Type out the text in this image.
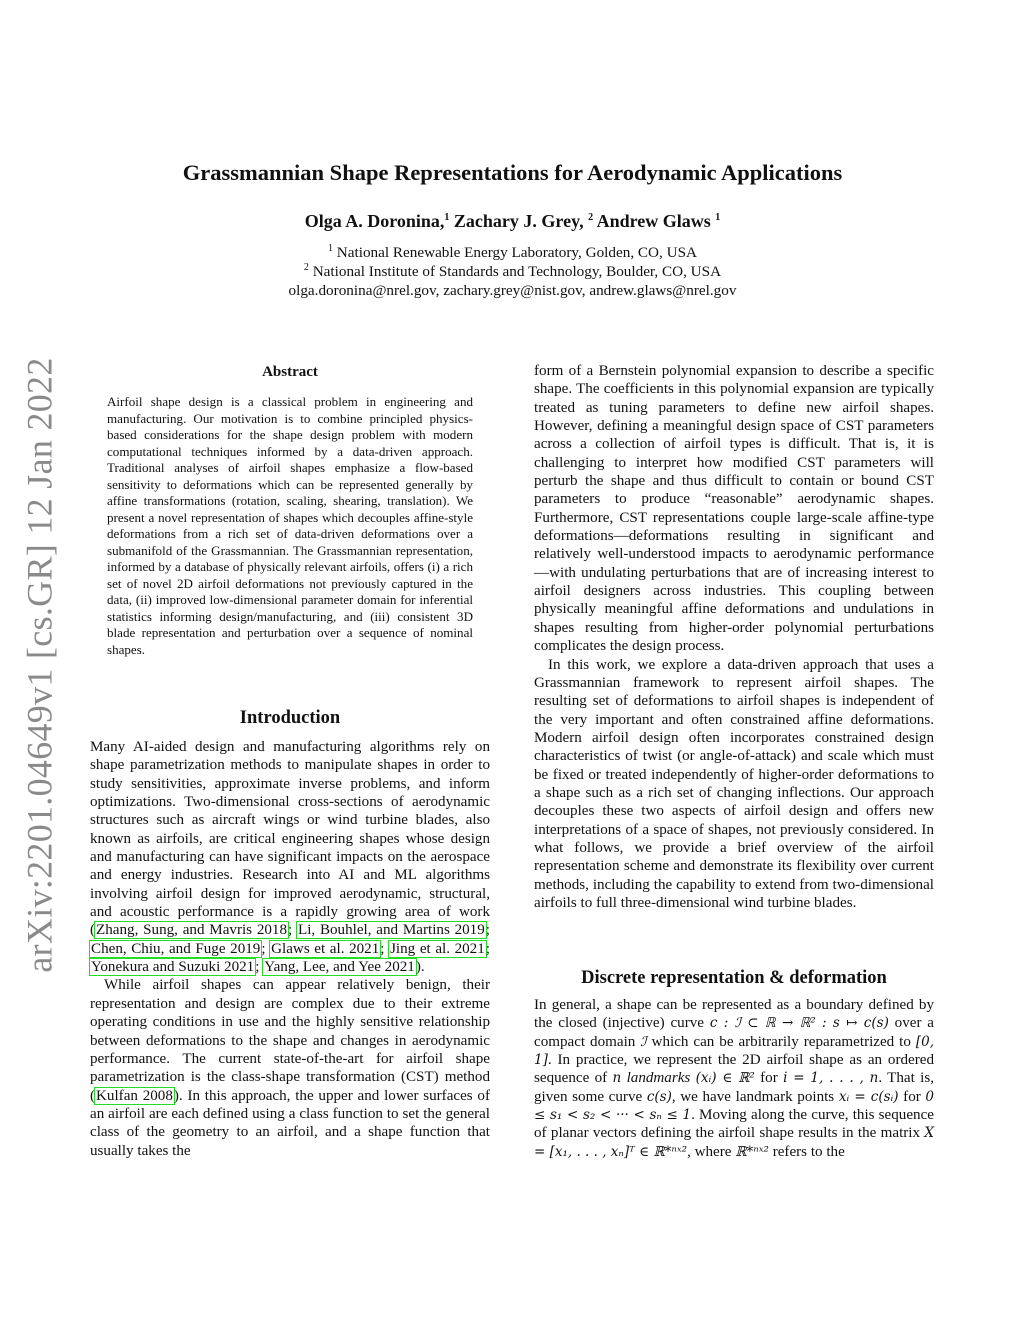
arXiv:2201.04649v1 [cs.GR] 12 Jan 2022
Grassmannian Shape Representations for Aerodynamic Applications
Olga A. Doronina,$^1$ Zachary J. Grey, $^2$ Andrew Glaws $^1$
$^1$ National Renewable Energy Laboratory, Golden, CO, USA
$^2$ National Institute of Standards and Technology, Boulder, CO, USA
olga.doronina@nrel.gov, zachary.grey@nist.gov, andrew.glaws@nrel.gov
Abstract
Airfoil shape design is a classical problem in engineering and manufacturing. Our motivation is to combine principled physics-based considerations for the shape design problem with modern computational techniques informed by a data-driven approach. Traditional analyses of airfoil shapes emphasize a flow-based sensitivity to deformations which can be represented generally by affine transformations (rotation, scaling, shearing, translation). We present a novel representation of shapes which decouples affine-style deformations from a rich set of data-driven deformations over a submanifold of the Grassmannian. The Grassmannian representation, informed by a database of physically relevant airfoils, offers (i) a rich set of novel 2D airfoil deformations not previously captured in the data, (ii) improved low-dimensional parameter domain for inferential statistics informing design/manufacturing, and (iii) consistent 3D blade representation and perturbation over a sequence of nominal shapes.
Introduction

Many AI-aided design and manufacturing algorithms rely on shape parametrization methods to manipulate shapes in order to study sensitivities, approximate inverse problems, and inform optimizations. Two-dimensional cross-sections of aerodynamic structures such as aircraft wings or wind turbine blades, also known as airfoils, are critical engineering shapes whose design and manufacturing can have significant impacts on the aerospace and energy industries. Research into AI and ML algorithms involving airfoil design for improved aerodynamic, structural, and acoustic performance is a rapidly growing area of work (Zhang, Sung, and Mavris 2018; Li, Bouhlel, and Martins 2019; Chen, Chiu, and Fuge 2019; Glaws et al. 2021; Jing et al. 2021; Yonekura and Suzuki 2021; Yang, Lee, and Yee 2021).

While airfoil shapes can appear relatively benign, their representation and design are complex due to their extreme operating conditions in use and the highly sensitive relationship between deformations to the shape and changes in aerodynamic performance. The current state-of-the-art for airfoil shape parametrization is the class-shape transformation (CST) method (Kulfan 2008). In this approach, the upper and lower surfaces of an airfoil are each defined using a class function to set the general class of the geometry to an airfoil, and a shape function that usually takes the

form of a Bernstein polynomial expansion to describe a specific shape. The coefficients in this polynomial expansion are typically treated as tuning parameters to define new airfoil shapes. However, defining a meaningful design space of CST parameters across a collection of airfoil types is difficult. That is, it is challenging to interpret how modified CST parameters will perturb the shape and thus difficult to contain or bound CST parameters to produce “reasonable” aerodynamic shapes. Furthermore, CST representations couple large-scale affine-type deformations—deformations resulting in significant and relatively well-understood impacts to aerodynamic performance—with undulating perturbations that are of increasing interest to airfoil designers across industries. This coupling between physically meaningful affine deformations and undulations in shapes resulting from higher-order polynomial perturbations complicates the design process.

In this work, we explore a data-driven approach that uses a Grassmannian framework to represent airfoil shapes. The resulting set of deformations to airfoil shapes is independent of the very important and often constrained affine deformations. Modern airfoil design often incorporates constrained design characteristics of twist (or angle-of-attack) and scale which must be fixed or treated independently of higher-order deformations to a shape such as a rich set of changing inflections. Our approach decouples these two aspects of airfoil design and offers new interpretations of a space of shapes, not previously considered. In what follows, we provide a brief overview of the airfoil representation scheme and demonstrate its flexibility over current methods, including the capability to extend from two-dimensional airfoils to full three-dimensional wind turbine blades.

Discrete representation & deformation

In general, a shape can be represented as a boundary defined by the closed (injective) curve c : ℐ ⊂ ℝ → ℝ² : s ↦ c(s) over a compact domain ℐ which can be arbitrarily reparametrized to [0, 1]. In practice, we represent the 2D airfoil shape as an ordered sequence of n landmarks (xᵢ) ∈ ℝ² for i = 1, . . . , n. That is, given some curve c(s), we have landmark points xᵢ = c(sᵢ) for 0 ≤ s₁ < s₂ < ··· < sₙ ≤ 1. Moving along the curve, this sequence of planar vectors defining the airfoil shape results in the matrix X = [x₁, . . . , xₙ]ᵀ ∈ ℝ*ⁿˣ², where ℝ*ⁿˣ² refers to the
